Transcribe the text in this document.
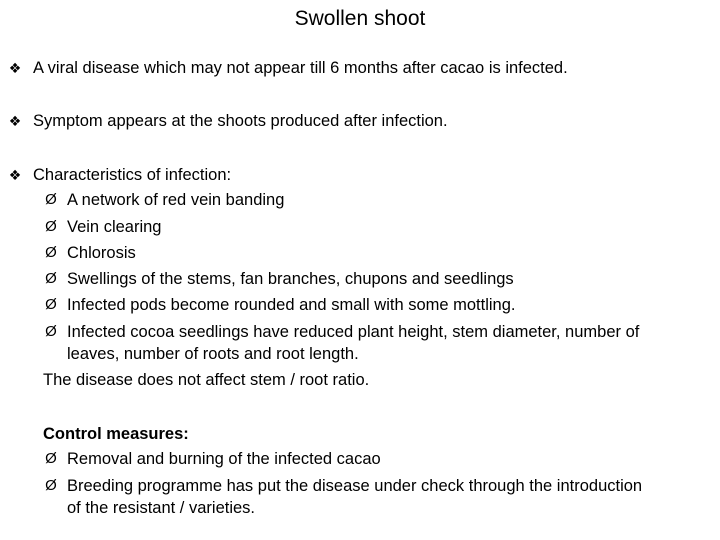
Swollen shoot
❖ A viral disease which may not appear till 6 months after cacao is infected.
❖ Symptom appears at the shoots produced after infection.
❖ Characteristics of infection:
Ø A network of red vein banding
Ø Vein clearing
Ø Chlorosis
Ø Swellings of the stems, fan branches, chupons and seedlings
Ø Infected pods become rounded and small with some mottling.
Ø Infected cocoa seedlings have reduced plant height, stem diameter, number of
leaves, number of roots and root length.
The disease does not affect stem / root ratio.
Control measures:
Ø Removal and burning of the infected cacao
Ø Breeding programme has put the disease under check through the introduction
of the resistant / varieties.
